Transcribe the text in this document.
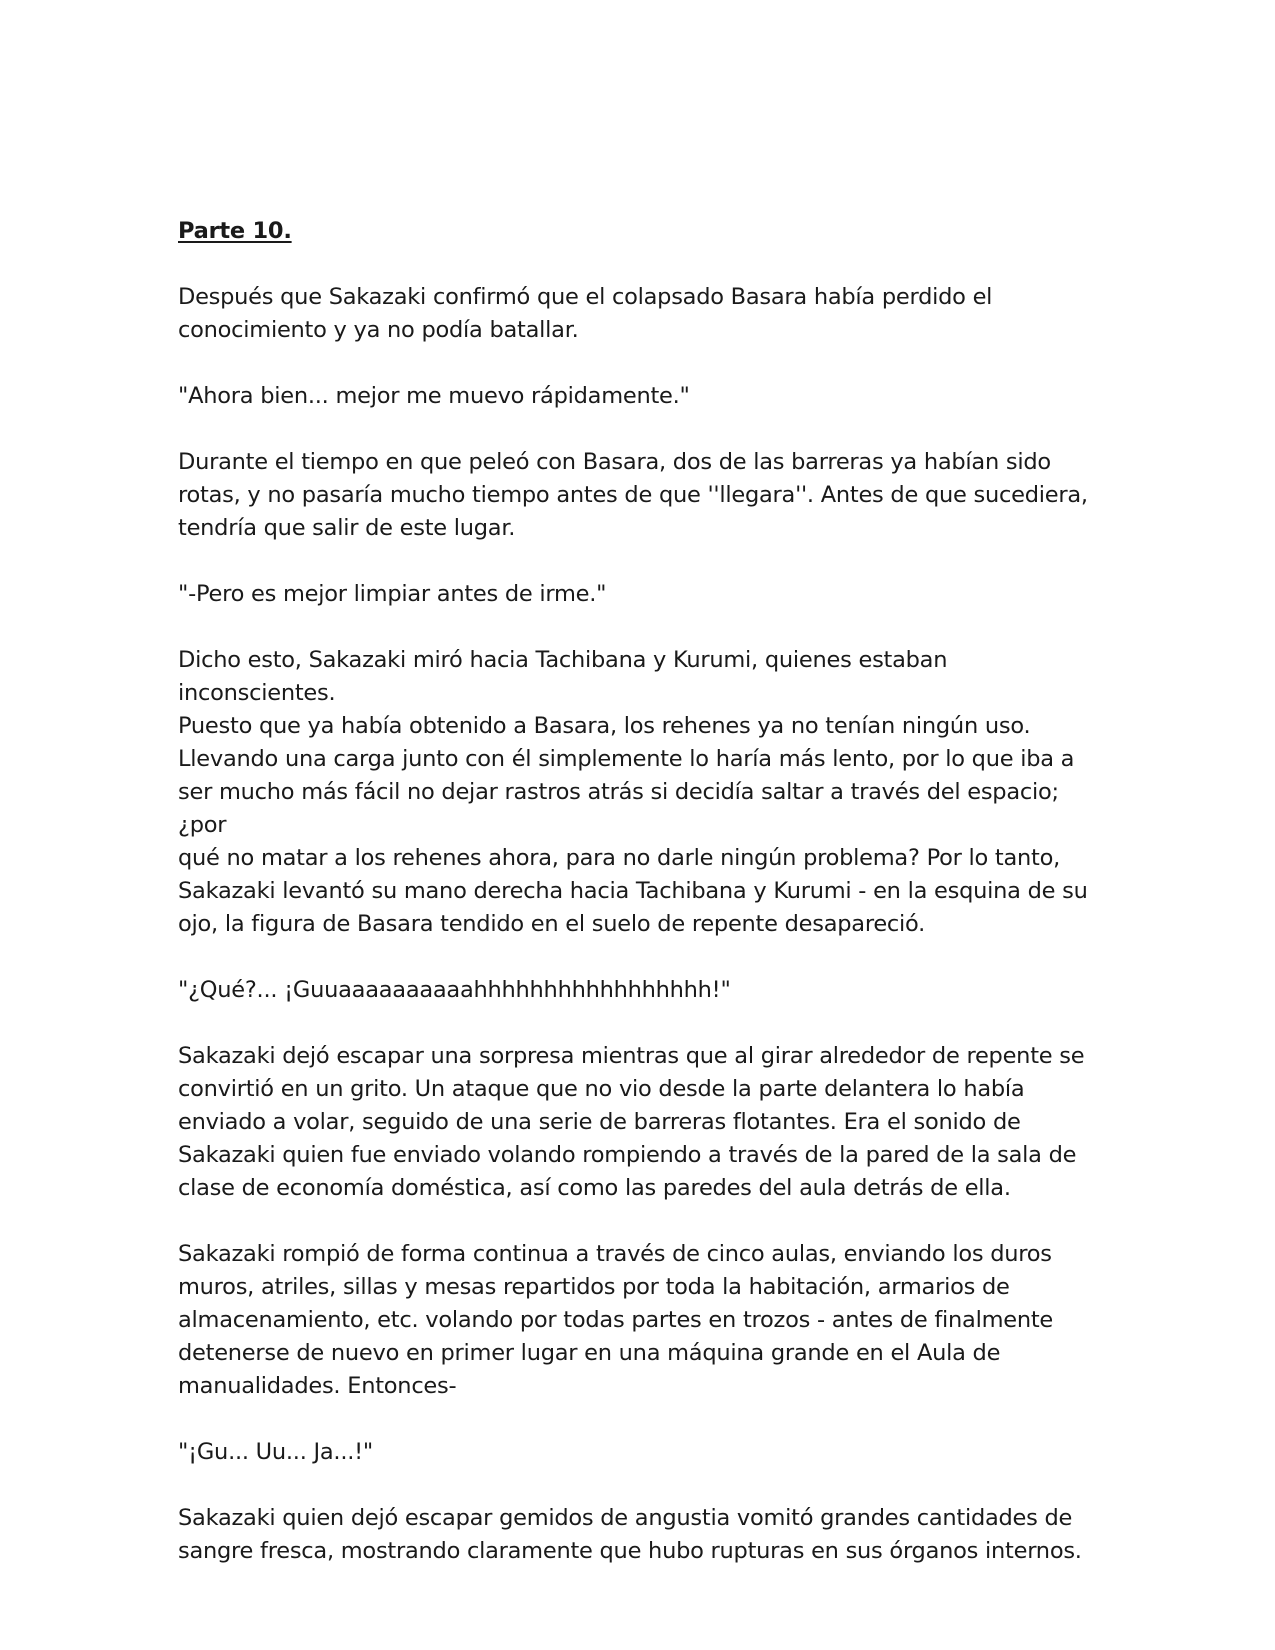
Parte 10.

Después que Sakazaki confirmó que el colapsado Basara había perdido el
conocimiento y ya no podía batallar.

"Ahora bien... mejor me muevo rápidamente."

Durante el tiempo en que peleó con Basara, dos de las barreras ya habían sido
rotas, y no pasaría mucho tiempo antes de que ''llegara''. Antes de que sucediera,
tendría que salir de este lugar.

"-Pero es mejor limpiar antes de irme."

Dicho esto, Sakazaki miró hacia Tachibana y Kurumi, quienes estaban inconscientes.
Puesto que ya había obtenido a Basara, los rehenes ya no tenían ningún uso.
Llevando una carga junto con él simplemente lo haría más lento, por lo que iba a
ser mucho más fácil no dejar rastros atrás si decidía saltar a través del espacio; ¿por
qué no matar a los rehenes ahora, para no darle ningún problema? Por lo tanto,
Sakazaki levantó su mano derecha hacia Tachibana y Kurumi - en la esquina de su
ojo, la figura de Basara tendido en el suelo de repente desapareció.

"¿Qué?... ¡Guuaaaaaaaaaahhhhhhhhhhhhhhhhh!"

Sakazaki dejó escapar una sorpresa mientras que al girar alrededor de repente se
convirtió en un grito. Un ataque que no vio desde la parte delantera lo había
enviado a volar, seguido de una serie de barreras flotantes. Era el sonido de
Sakazaki quien fue enviado volando rompiendo a través de la pared de la sala de
clase de economía doméstica, así como las paredes del aula detrás de ella.

Sakazaki rompió de forma continua a través de cinco aulas, enviando los duros
muros, atriles, sillas y mesas repartidos por toda la habitación, armarios de
almacenamiento, etc. volando por todas partes en trozos - antes de finalmente
detenerse de nuevo en primer lugar en una máquina grande en el Aula de
manualidades. Entonces-

"¡Gu... Uu... Ja...!"

Sakazaki quien dejó escapar gemidos de angustia vomitó grandes cantidades de
sangre fresca, mostrando claramente que hubo rupturas en sus órganos internos.
